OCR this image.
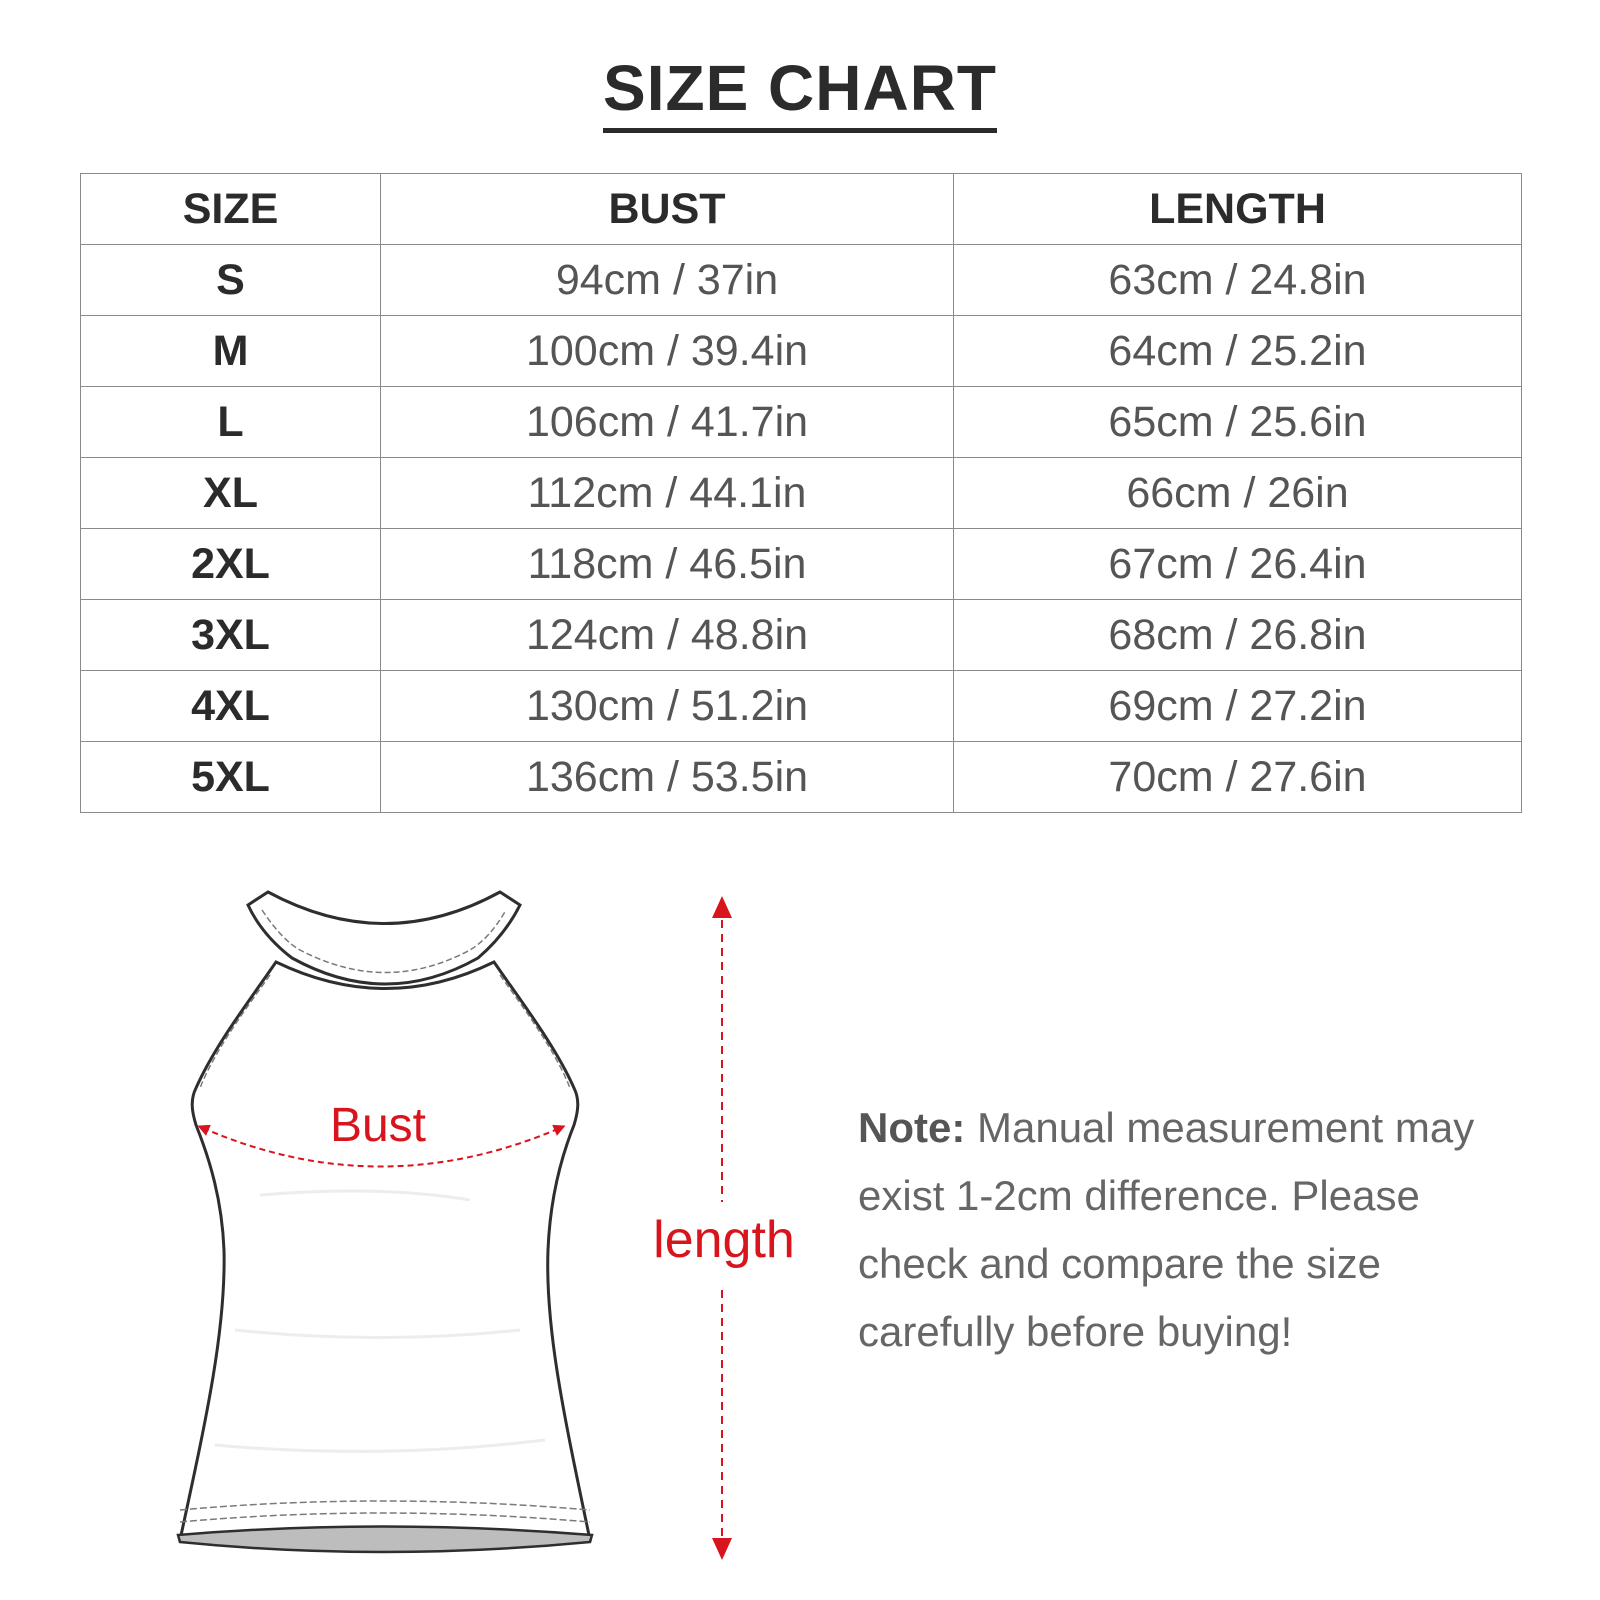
SIZE CHART
SIZE	BUST	LENGTH
S	94cm / 37in	63cm / 24.8in
M	100cm / 39.4in	64cm / 25.2in
L	106cm / 41.7in	65cm / 25.6in
XL	112cm / 44.1in	66cm / 26in
2XL	118cm / 46.5in	67cm / 26.4in
3XL	124cm / 48.8in	68cm / 26.8in
4XL	130cm / 51.2in	69cm / 27.2in
5XL	136cm / 53.5in	70cm / 27.6in
Bust
length
Note: Manual measurement may exist 1-2cm difference. Please check and compare the size carefully before buying!
